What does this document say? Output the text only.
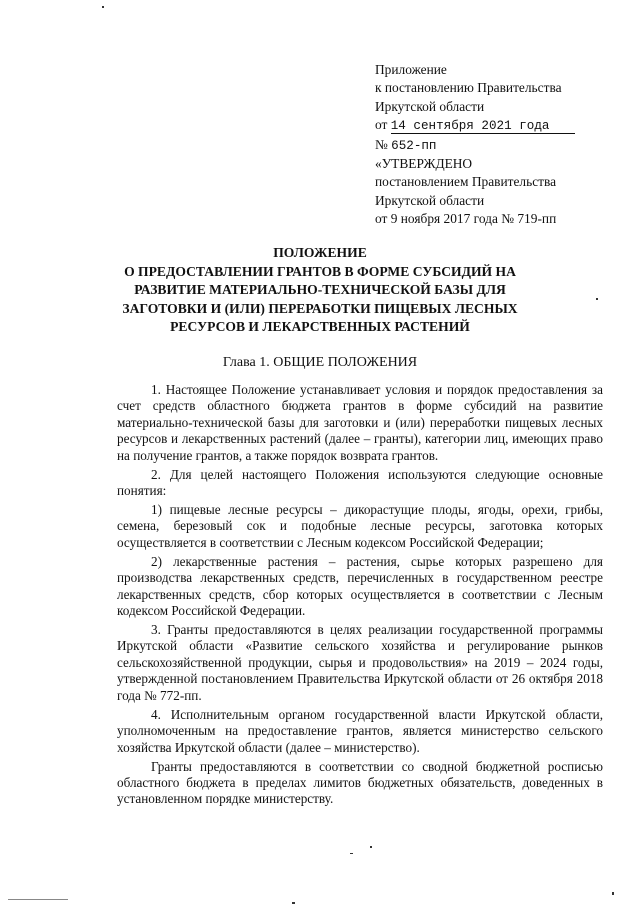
Приложение
к постановлению Правительства
Иркутской области
от 14 сентября 2021 года
№ 652-пп
«УТВЕРЖДЕНО
постановлением Правительства
Иркутской области
от 9 ноября 2017 года № 719-пп
ПОЛОЖЕНИЕ
О ПРЕДОСТАВЛЕНИИ ГРАНТОВ В ФОРМЕ СУБСИДИЙ НА
РАЗВИТИЕ МАТЕРИАЛЬНО-ТЕХНИЧЕСКОЙ БАЗЫ ДЛЯ
ЗАГОТОВКИ И (ИЛИ) ПЕРЕРАБОТКИ ПИЩЕВЫХ ЛЕСНЫХ
РЕСУРСОВ И ЛЕКАРСТВЕННЫХ РАСТЕНИЙ
Глава 1. ОБЩИЕ ПОЛОЖЕНИЯ

1. Настоящее Положение устанавливает условия и порядок предоставления за счет средств областного бюджета грантов в форме субсидий на развитие материально-технической базы для заготовки и (или) переработки пищевых лесных ресурсов и лекарственных растений (далее – гранты), категории лиц, имеющих право на получение грантов, а также порядок возврата грантов.

2. Для целей настоящего Положения используются следующие основные понятия:

1) пищевые лесные ресурсы – дикорастущие плоды, ягоды, орехи, грибы, семена, березовый сок и подобные лесные ресурсы, заготовка которых осуществляется в соответствии с Лесным кодексом Российской Федерации;

2) лекарственные растения – растения, сырье которых разрешено для производства лекарственных средств, перечисленных в государственном реестре лекарственных средств, сбор которых осуществляется в соответствии с Лесным кодексом Российской Федерации.

3. Гранты предоставляются в целях реализации государственной программы Иркутской области «Развитие сельского хозяйства и регулирование рынков сельскохозяйственной продукции, сырья и продовольствия» на 2019 – 2024 годы, утвержденной постановлением Правительства Иркутской области от 26 октября 2018 года № 772-пп.

4. Исполнительным органом государственной власти Иркутской области, уполномоченным на предоставление грантов, является министерство сельского хозяйства Иркутской области (далее – министерство).

Гранты предоставляются в соответствии со сводной бюджетной росписью областного бюджета в пределах лимитов бюджетных обязательств, доведенных в установленном порядке министерству.
